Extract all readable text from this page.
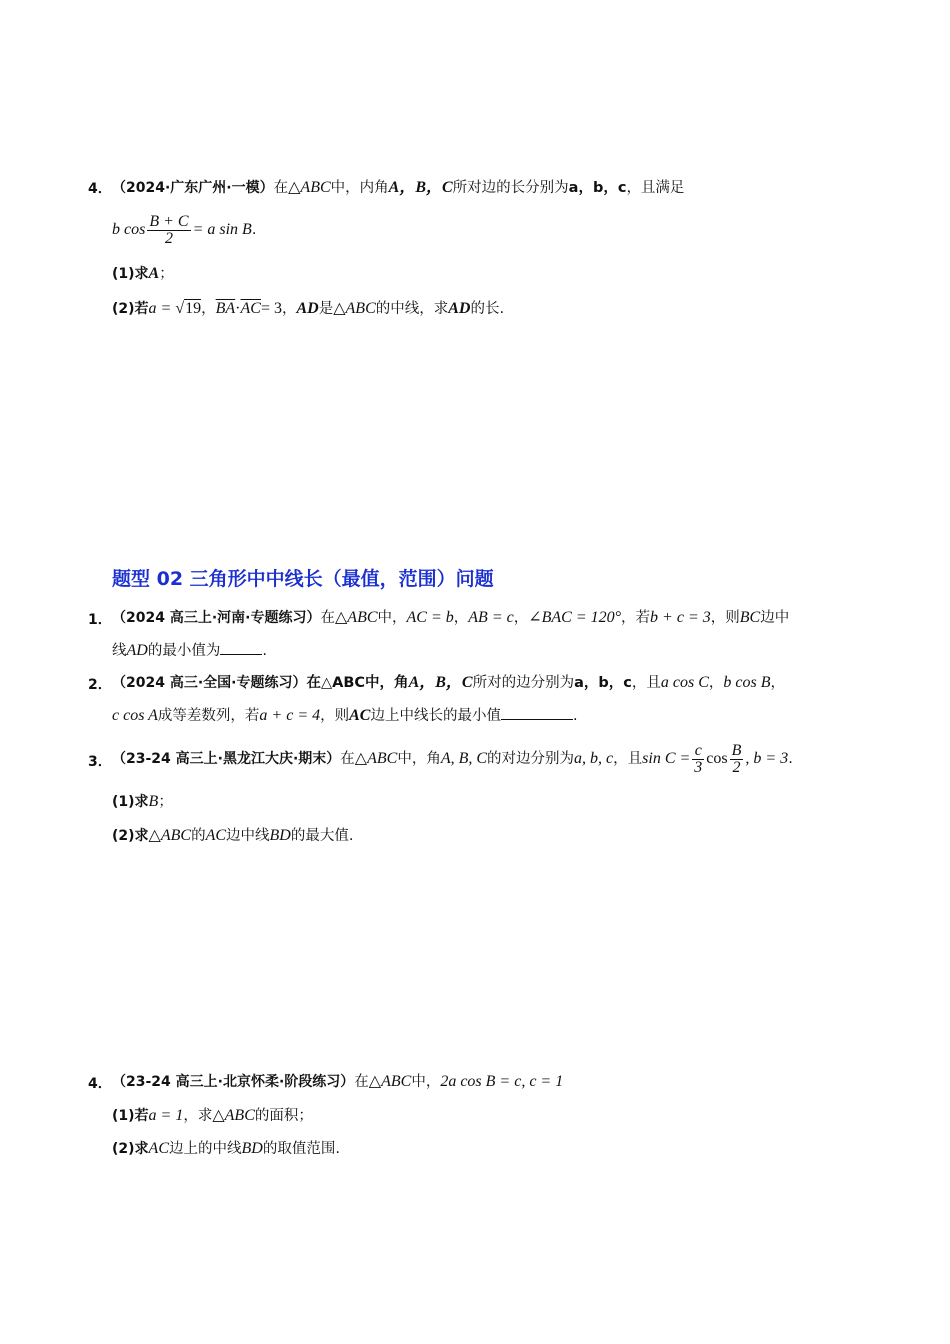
4． （2024·广东广州·一模）在△ABC中，内角A，B，C所对边的长分别为a，b，c，且满足
b $\cos \frac{B + C}{2} = a$ sin B.
(1)求A；
(2)若a = √19，$\overline{BA}\cdot\overline{AC}= 3$，AD是△ABC的中线，求AD的长.
题型 02 三角形中中线长（最值，范围）问题
1． （2024 高三上·河南·专题练习）在△ABC中，AC = b，AB = c，∠BAC = 120°，若b + c = 3，则BC边中
线AD的最小值为	.
2． （2024 高三·全国·专题练习）在△ABC中，角A，B，C所对的边分别为a，b，c，且a cos C，b cos B，
c cos A成等差数列，若a + c = 4，则AC边上中线长的最小值	.
3． （23-24 高三上·黑龙江大庆·期末）在△ABC中，角A, B, C的对边分别为a, b, c，且$\sin C = \frac{c}{3}$ $\cos \frac{B}{2}$ , b = 3.
(1)求B；
(2)求△ABC的AC边中线BD的最大值.
4． （23-24 高三上·北京怀柔·阶段练习）在△ABC中，2a cos B = c, c = 1
(1)若a = 1，求△ABC的面积；
(2)求AC边上的中线BD的取值范围.
